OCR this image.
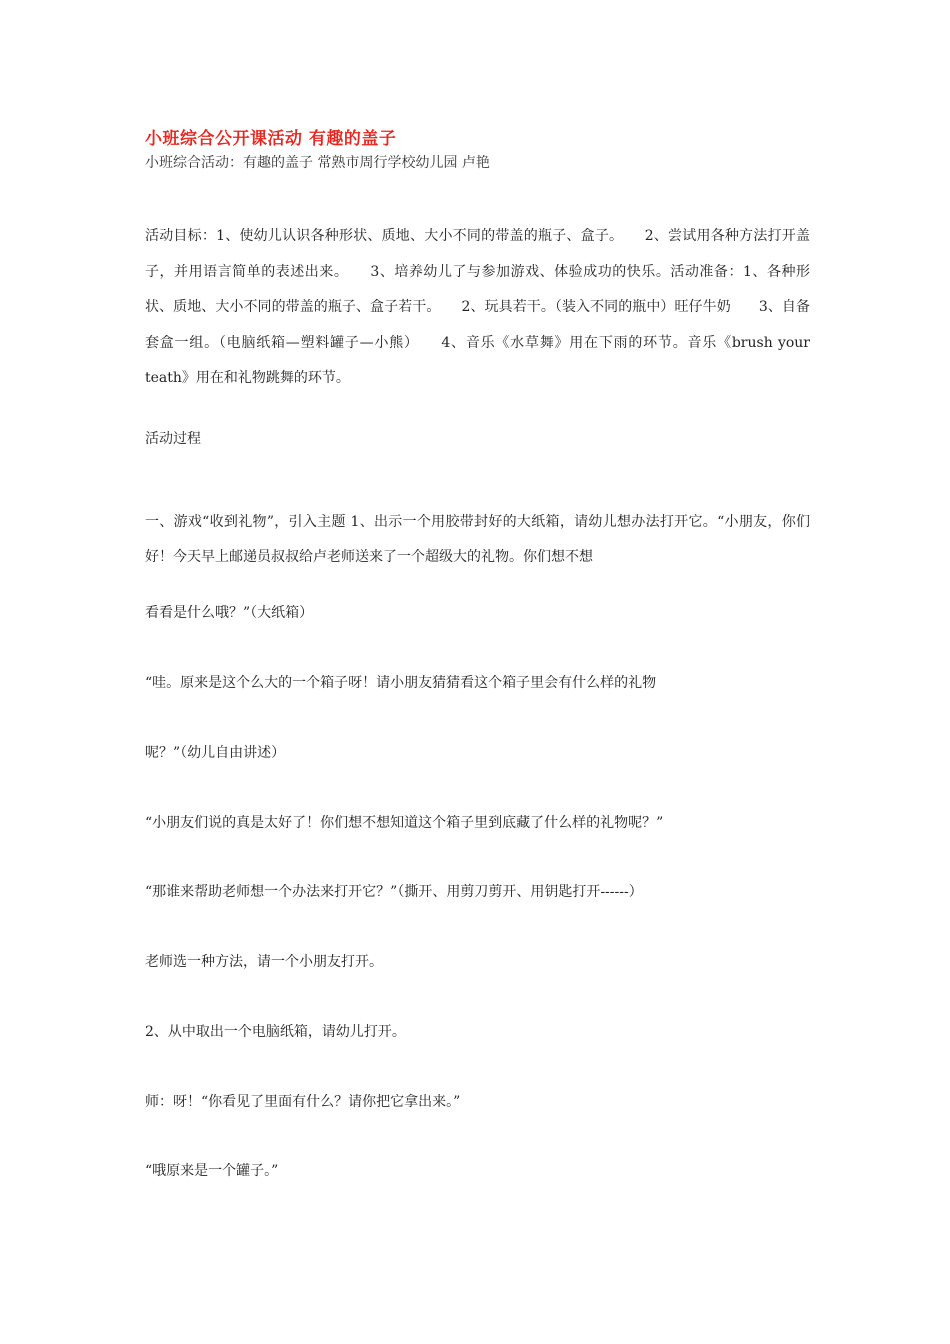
小班综合公开课活动 有趣的盖子
小班综合活动：有趣的盖子 常熟市周行学校幼儿园 卢艳

活动目标：1、使幼儿认识各种形状、质地、大小不同的带盖的瓶子、盒子。　　2、尝试用各种方法打开盖子，并用语言简单的表述出来。　　3、培养幼儿了与参加游戏、体验成功的快乐。活动准备：1、各种形状、质地、大小不同的带盖的瓶子、盒子若干。　　2、玩具若干。（装入不同的瓶中）旺仔牛奶　　3、自备套盒一组。（电脑纸箱—塑料罐子—小熊）　　4、音乐《水草舞》用在下雨的环节。音乐《brush your teath》用在和礼物跳舞的环节。

活动过程

一、游戏“收到礼物”，引入主题 1、出示一个用胶带封好的大纸箱，请幼儿想办法打开它。“小朋友，你们好！今天早上邮递员叔叔给卢老师送来了一个超级大的礼物。你们想不想

看看是什么哦？”（大纸箱）
“哇。原来是这个么大的一个箱子呀！请小朋友猜猜看这个箱子里会有什么样的礼物
呢？”（幼儿自由讲述）
“小朋友们说的真是太好了！你们想不想知道这个箱子里到底藏了什么样的礼物呢？”
“那谁来帮助老师想一个办法来打开它？”（撕开、用剪刀剪开、用钥匙打开------）
老师选一种方法，请一个小朋友打开。
2、从中取出一个电脑纸箱，请幼儿打开。
师：呀！“你看见了里面有什么？请你把它拿出来。”
“哦原来是一个罐子。”
